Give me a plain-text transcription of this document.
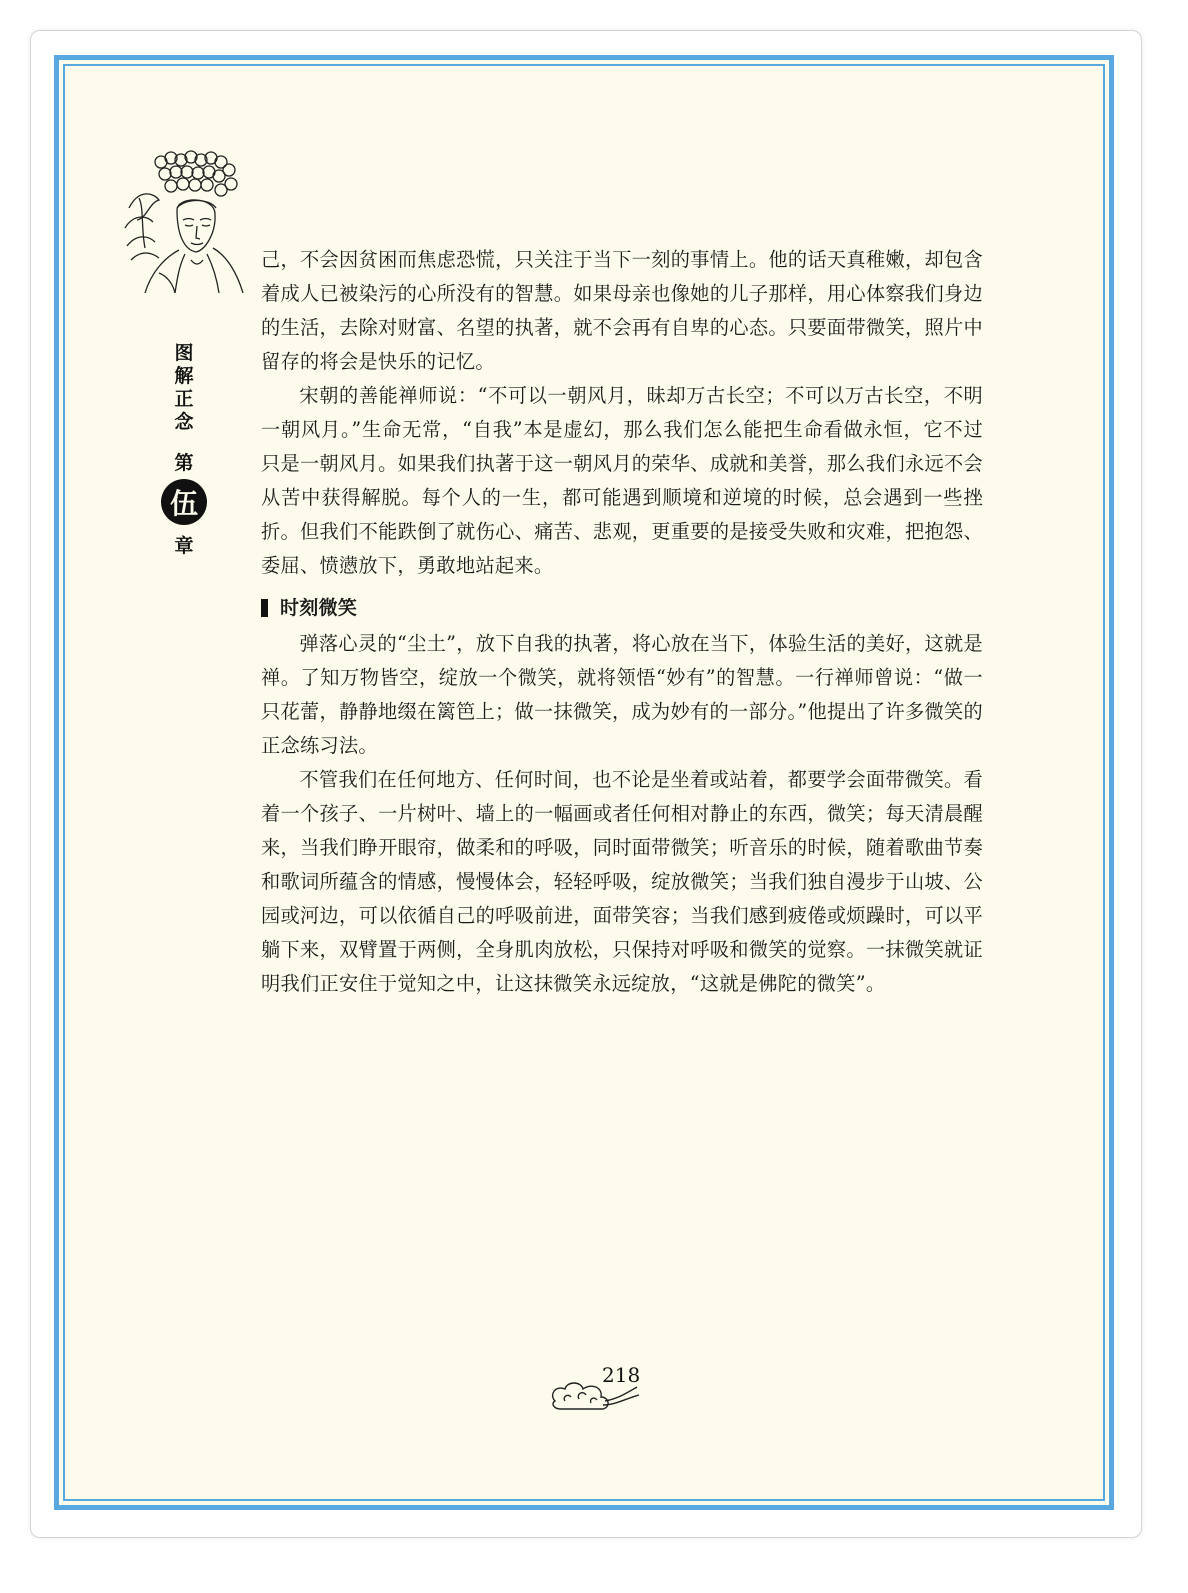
图
解
正
念
第
伍
章

己，不会因贫困而焦虑恐慌，只关注于当下一刻的事情上。他的话天真稚嫩，却包含着成人已被染污的心所没有的智慧。如果母亲也像她的儿子那样，用心体察我们身边的生活，去除对财富、名望的执著，就不会再有自卑的心态。只要面带微笑，照片中留存的将会是快乐的记忆。

宋朝的善能禅师说：“不可以一朝风月，昧却万古长空；不可以万古长空，不明一朝风月。”生命无常，“自我”本是虚幻，那么我们怎么能把生命看做永恒，它不过只是一朝风月。如果我们执著于这一朝风月的荣华、成就和美誉，那么我们永远不会从苦中获得解脱。每个人的一生，都可能遇到顺境和逆境的时候，总会遇到一些挫折。但我们不能跌倒了就伤心、痛苦、悲观，更重要的是接受失败和灾难，把抱怨、委屈、愤懑放下，勇敢地站起来。

时刻微笑

弹落心灵的“尘土”，放下自我的执著，将心放在当下，体验生活的美好，这就是禅。了知万物皆空，绽放一个微笑，就将领悟“妙有”的智慧。一行禅师曾说：“做一只花蕾，静静地缀在篱笆上；做一抹微笑，成为妙有的一部分。”他提出了许多微笑的正念练习法。

不管我们在任何地方、任何时间，也不论是坐着或站着，都要学会面带微笑。看着一个孩子、一片树叶、墙上的一幅画或者任何相对静止的东西，微笑；每天清晨醒来，当我们睁开眼帘，做柔和的呼吸，同时面带微笑；听音乐的时候，随着歌曲节奏和歌词所蕴含的情感，慢慢体会，轻轻呼吸，绽放微笑；当我们独自漫步于山坡、公园或河边，可以依循自己的呼吸前进，面带笑容；当我们感到疲倦或烦躁时，可以平躺下来，双臂置于两侧，全身肌肉放松，只保持对呼吸和微笑的觉察。一抹微笑就证明我们正安住于觉知之中，让这抹微笑永远绽放，“这就是佛陀的微笑”。

218
